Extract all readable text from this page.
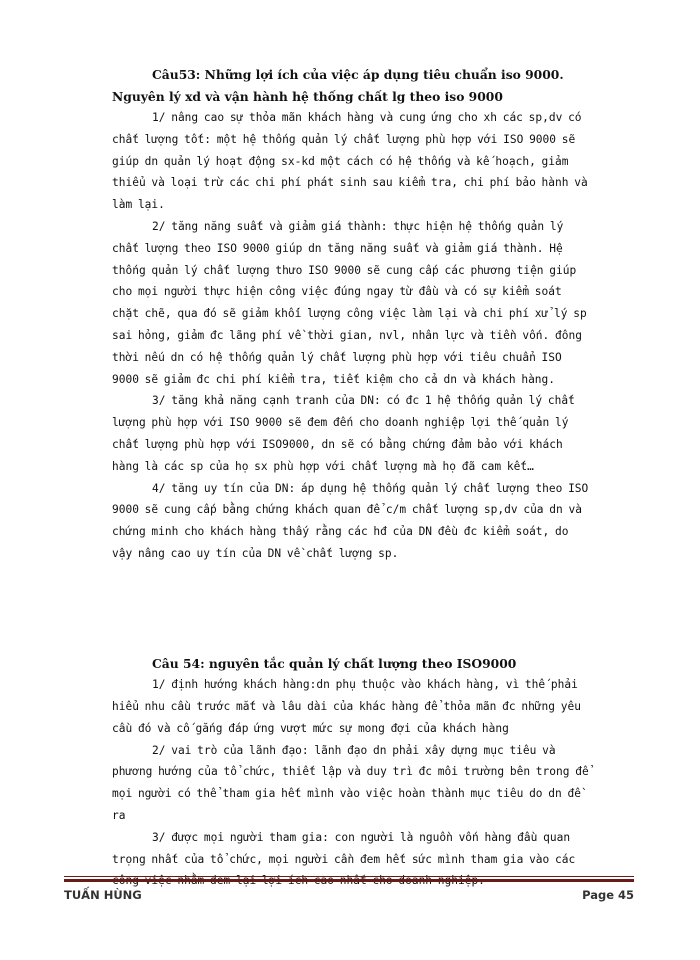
Câu53: Những lợi ích của việc áp dụng tiêu chuẩn iso 9000. Nguyên lý xd và vận hành hệ thống chất lg theo iso 9000

1/ nâng cao sự thỏa mãn khách hàng và cung ứng cho xh các sp,dv có chất lượng tốt: một hệ thống quản lý chất lượng phù hợp với ISO 9000 sẽ giúp dn quản lý hoạt động sx-kd một cách có hệ thống và kế hoạch, giảm thiểu và loại trừ các chi phí phát sinh sau kiểm tra, chi phí bảo hành và làm lại.

2/ tăng năng suất và giảm giá thành: thực hiện hệ thống quản lý chất lượng theo ISO 9000 giúp dn tăng năng suất và giảm giá thành. Hệ thống quản lý chất lượng thưo ISO 9000 sẽ cung cấp các phương tiện giúp cho mọi người thực hiện công việc đúng ngay từ đầu và có sự kiểm soát chặt chẽ, qua đó sẽ giảm khối lượng công việc làm lại và chi phí xử lý sp sai hỏng, giảm đc lãng phí về thời gian, nvl, nhân lực và tiền vốn. đông thời nếu dn có hệ thống quản lý chất lượng phù hợp với tiêu chuẩn ISO 9000 sẽ giảm đc chi phí kiểm tra, tiết kiệm cho cả dn và khách hàng.

3/ tăng khả năng cạnh tranh của DN: có đc 1 hệ thống quản lý chất lượng phù hợp với ISO 9000 sẽ đem đến cho doanh nghiệp lợi thế quản lý chất lượng phù hợp với ISO9000, dn sẽ có bằng chứng đảm bảo với khách hàng là các sp của họ sx phù hợp với chất lượng mà họ đã cam kết…

4/ tăng uy tín của DN: áp dụng hệ thống quản lý chất lượng theo ISO 9000 sẽ cung cấp bằng chứng khách quan để c/m chất lượng sp,dv của dn và chứng minh cho khách hàng thấy rằng các hđ của DN đều đc kiểm soát, do vậy nâng cao uy tín của DN về chất lượng sp.

Câu 54: nguyên tắc quản lý chất lượng theo ISO9000

1/ định hướng khách hàng:dn phụ thuộc vào khách hàng, vì thế phải hiểu nhu cầu trước mắt và lâu dài của khác hàng để thỏa mãn đc những yêu cầu đó và cố gắng đáp ứng vượt mức sự mong đợi của khách hàng

2/ vai trò của lãnh đạo: lãnh đạo dn phải xây dựng mục tiêu và phương hướng của tổ chức, thiết lập và duy trì đc môi trường bên trong để mọi người có thể tham gia hết mình vào việc hoàn thành mục tiêu do dn đề ra

3/ được mọi người tham gia: con người là nguồn vốn hàng đầu quan trọng nhất của tổ chức, mọi người cần đem hết sức mình tham gia vào các

TUẤN HÙNG	Page 45
